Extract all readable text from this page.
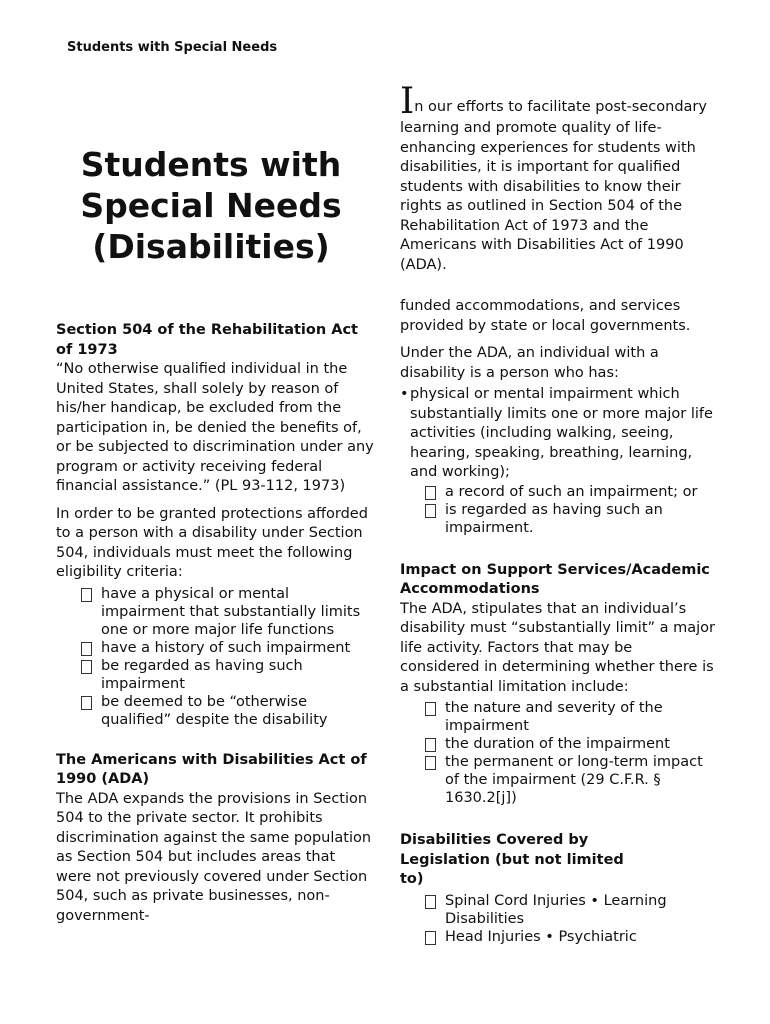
Students with Special Needs
Students with
Special Needs
(Disabilities)
Section 504 of the Rehabilitation Act of 1973

“No otherwise qualified individual in the United States, shall solely by reason of his/her handicap, be excluded from the participation in, be denied the benefits of, or be subjected to discrimination under any program or activity receiving federal financial assistance.” (PL 93-112, 1973)

In order to be granted protections afforded to a person with a disability under Section 504, individuals must meet the following eligibility criteria:

have a physical or mental impairment that substantially limits one or more major life functions
have a history of such impairment
be regarded as having such impairment
be deemed to be “otherwise qualified” despite the disability
The Americans with Disabilities Act of 1990 (ADA)

The ADA expands the provisions in Section 504 to the private sector. It prohibits discrimination against the same population as Section 504 but includes areas that were not previously covered under Section 504, such as private businesses, non-government-

In our efforts to facilitate post-secondary learning and promote quality of life-enhancing experiences for students with disabilities, it is important for qualified students with disabilities to know their rights as outlined in Section 504 of the Rehabilitation Act of 1973 and the Americans with Disabilities Act of 1990 (ADA).

funded accommodations, and services provided by state or local governments.

Under the ADA, an individual with a disability is a person who has:

• physical or mental impairment which substantially limits one or more major life activities (including walking, seeing, hearing, speaking, breathing, learning, and working);
a record of such an impairment; or
is regarded as having such an impairment.
Impact on Support Services/Academic Accommodations

The ADA, stipulates that an individual’s disability must “substantially limit” a major life activity. Factors that may be considered in determining whether there is a substantial limitation include:

the nature and severity of the impairment
the duration of the impairment
the permanent or long-term impact of the impairment (29 C.F.R. § 1630.2[j])
Disabilities Covered by Legislation (but not limited to)
Spinal Cord Injuries • Learning Disabilities
Head Injuries • Psychiatric
